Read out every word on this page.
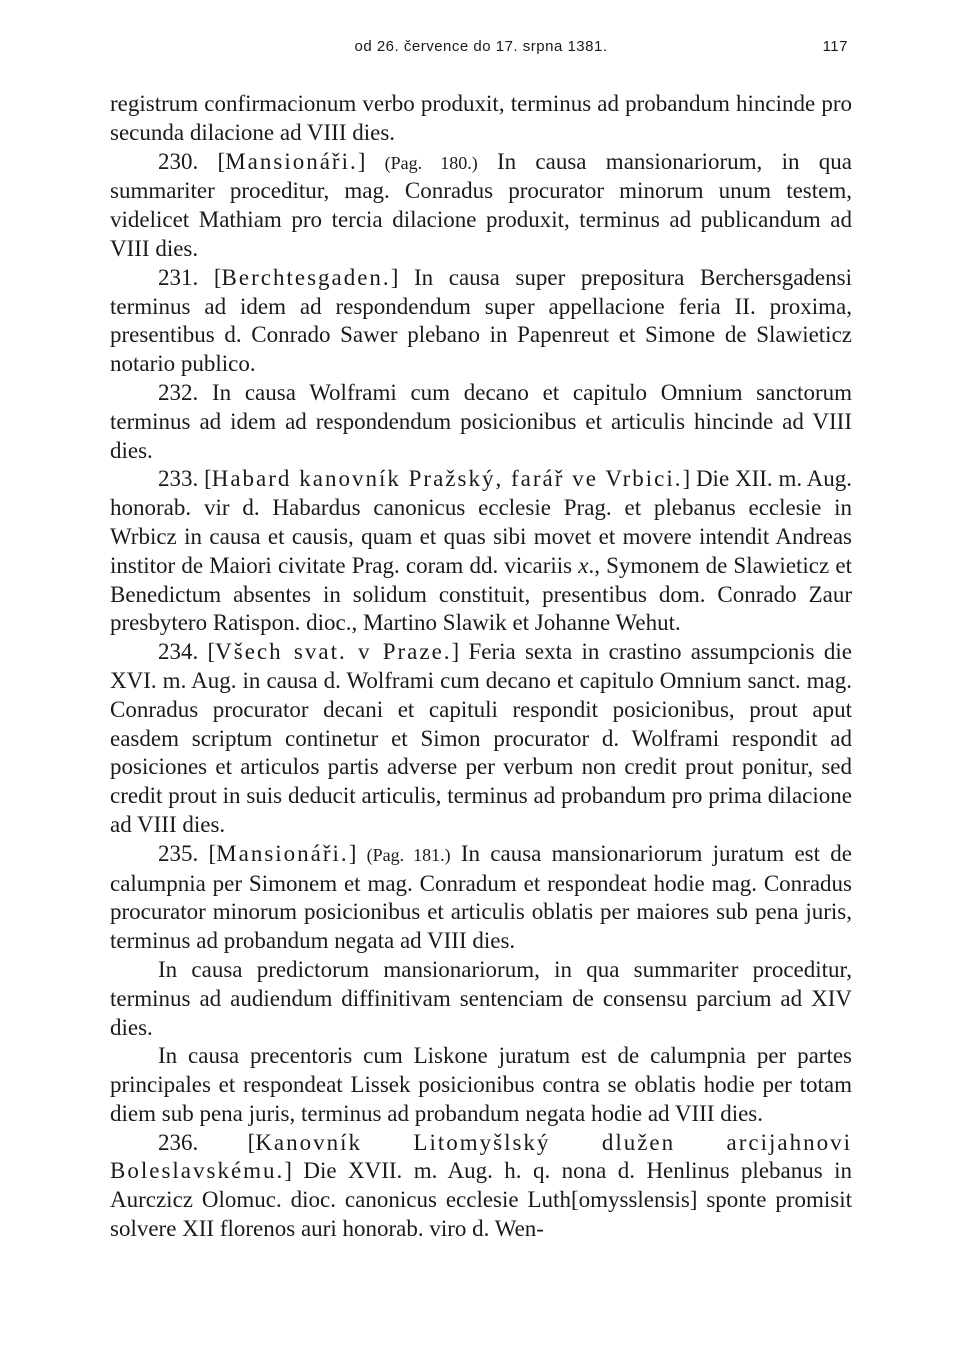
od 26. července do 17. srpna 1381.	117

registrum confirmacionum verbo produxit, terminus ad probandum hincinde pro secunda dilacione ad VIII dies.

230. [Mansionáři.] (Pag. 180.) In causa mansionariorum, in qua summariter proceditur, mag. Conradus procurator minorum unum testem, videlicet Mathiam pro tercia dilacione produxit, terminus ad publicandum ad VIII dies.

231. [Berchtesgaden.] In causa super prepositura Berchersgadensi terminus ad idem ad respondendum super appellacione feria II. proxima, presentibus d. Conrado Sawer plebano in Papenreut et Simone de Slawieticz notario publico.

232. In causa Wolframi cum decano et capitulo Omnium sanctorum terminus ad idem ad respondendum posicionibus et articulis hincinde ad VIII dies.

233. [Habard kanovník Pražský, farář ve Vrbici.] Die XII. m. Aug. honorab. vir d. Habardus canonicus ecclesie Prag. et plebanus ecclesie in Wrbicz in causa et causis, quam et quas sibi movet et movere intendit Andreas institor de Maiori civitate Prag. coram dd. vicariis x., Symonem de Slawieticz et Benedictum absentes in solidum constituit, presentibus dom. Conrado Zaur presbytero Ratispon. dioc., Martino Slawik et Johanne Wehut.

234. [Všech svat. v Praze.] Feria sexta in crastino assumpcionis die XVI. m. Aug. in causa d. Wolframi cum decano et capitulo Omnium sanct. mag. Conradus procurator decani et capituli respondit posicionibus, prout aput easdem scriptum continetur et Simon procurator d. Wolframi respondit ad posiciones et articulos partis adverse per verbum non credit prout ponitur, sed credit prout in suis deducit articulis, terminus ad probandum pro prima dilacione ad VIII dies.

235. [Mansionáři.] (Pag. 181.) In causa mansionariorum juratum est de calumpnia per Simonem et mag. Conradum et respondeat hodie mag. Conradus procurator minorum posicionibus et articulis oblatis per maiores sub pena juris, terminus ad probandum negata ad VIII dies.

In causa predictorum mansionariorum, in qua summariter proceditur, terminus ad audiendum diffinitivam sentenciam de consensu parcium ad XIV dies.

In causa precentoris cum Liskone juratum est de calumpnia per partes principales et respondeat Lissek posicionibus contra se oblatis hodie per totam diem sub pena juris, terminus ad probandum negata hodie ad VIII dies.

236. [Kanovník Litomyšlský dlužen arcijahnovi Boleslavskému.] Die XVII. m. Aug. h. q. nona d. Henlinus plebanus in Aurczicz Olomuc. dioc. canonicus ecclesie Luth[omysslensis] sponte promisit solvere XII florenos auri honorab. viro d. Wen-
